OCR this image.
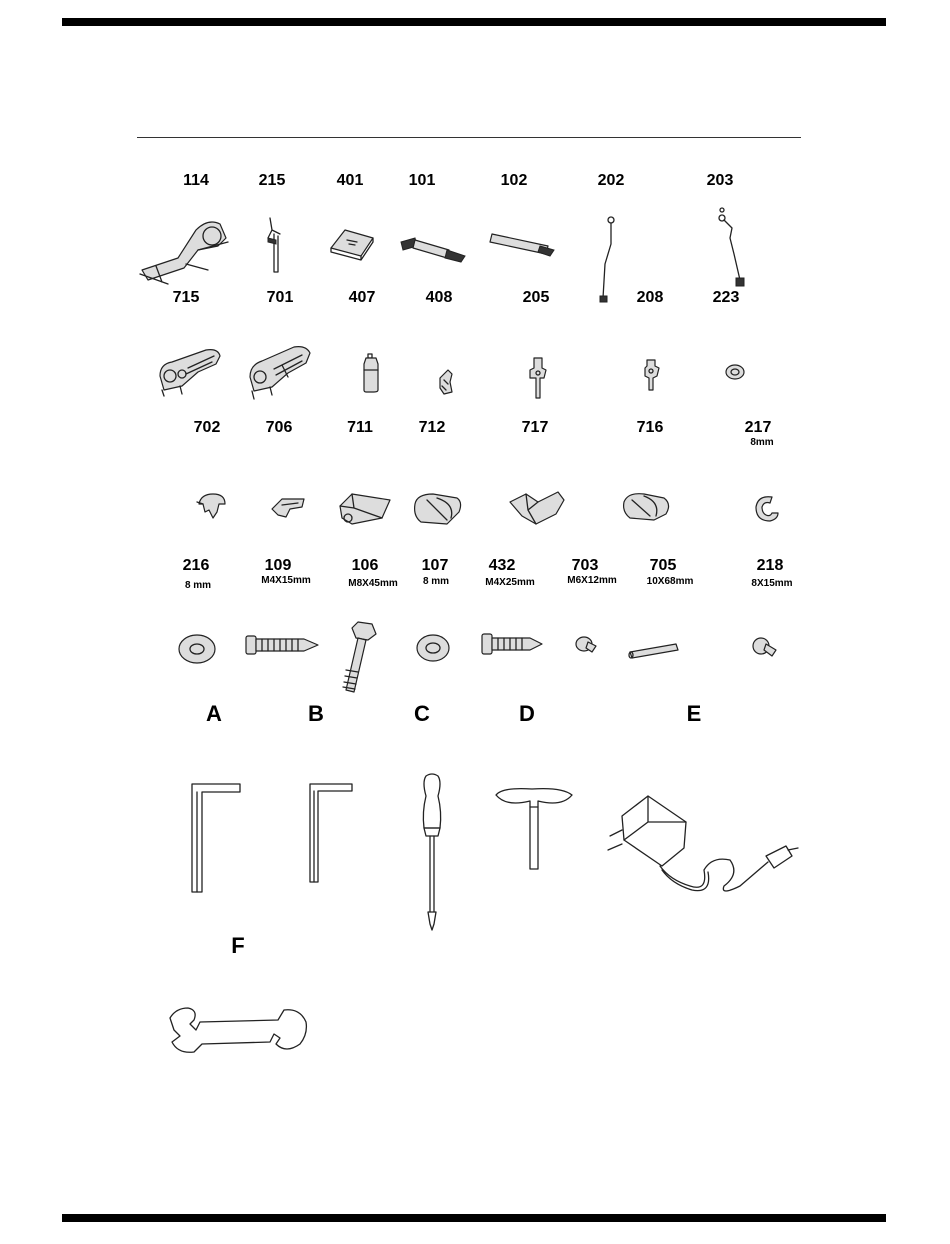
114	215	401	101	102	202	203
715	701	407	408	205	208	223
702	706	711	712	717	716	217
8mm
216	109	106	107	432	703	705	218
8 mm	M4X15mm	M8X45mm	8 mm	M4X25mm	M6X12mm	10X68mm	8X15mm
A	B	C	D	E
F
